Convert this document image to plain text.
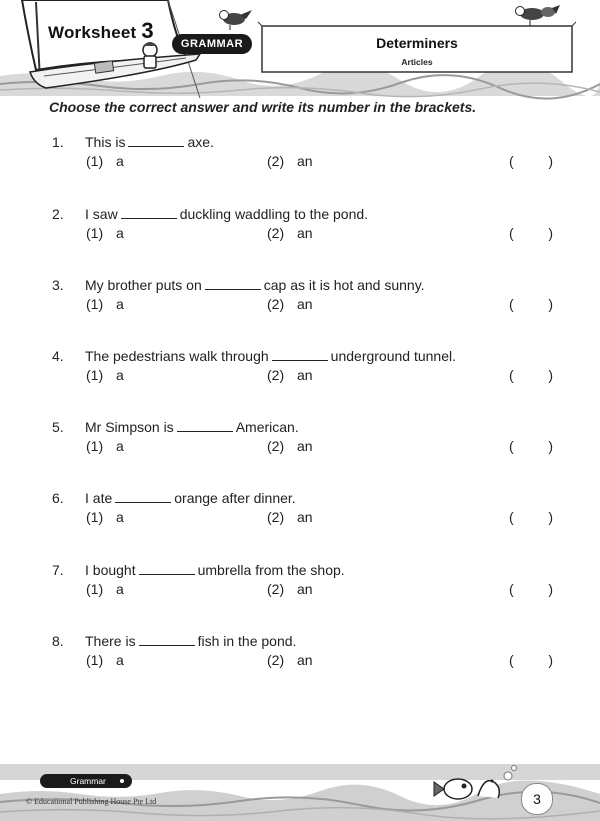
Worksheet 3
GRAMMAR	Determiners
Articles
Choose the correct answer and write its number in the brackets.
1. This is	axe.
(1) a	(2) an	( )
2. I saw	duckling waddling to the pond.
(1) a	(2) an	( )
3. My brother puts on	cap as it is hot and sunny.
(1) a	(2) an	( )
4. The pedestrians walk through	underground tunnel.
(1) a	(2) an	( )
5. Mr Simpson is	American.
(1) a	(2) an	( )
6. I ate	orange after dinner.
(1) a	(2) an	( )
7. I bought	umbrella from the shop.
(1) a	(2) an	( )
8. There is	fish in the pond.
(1) a	(2) an	( )
Grammar
© Educational Publishing House Pte Ltd	3
